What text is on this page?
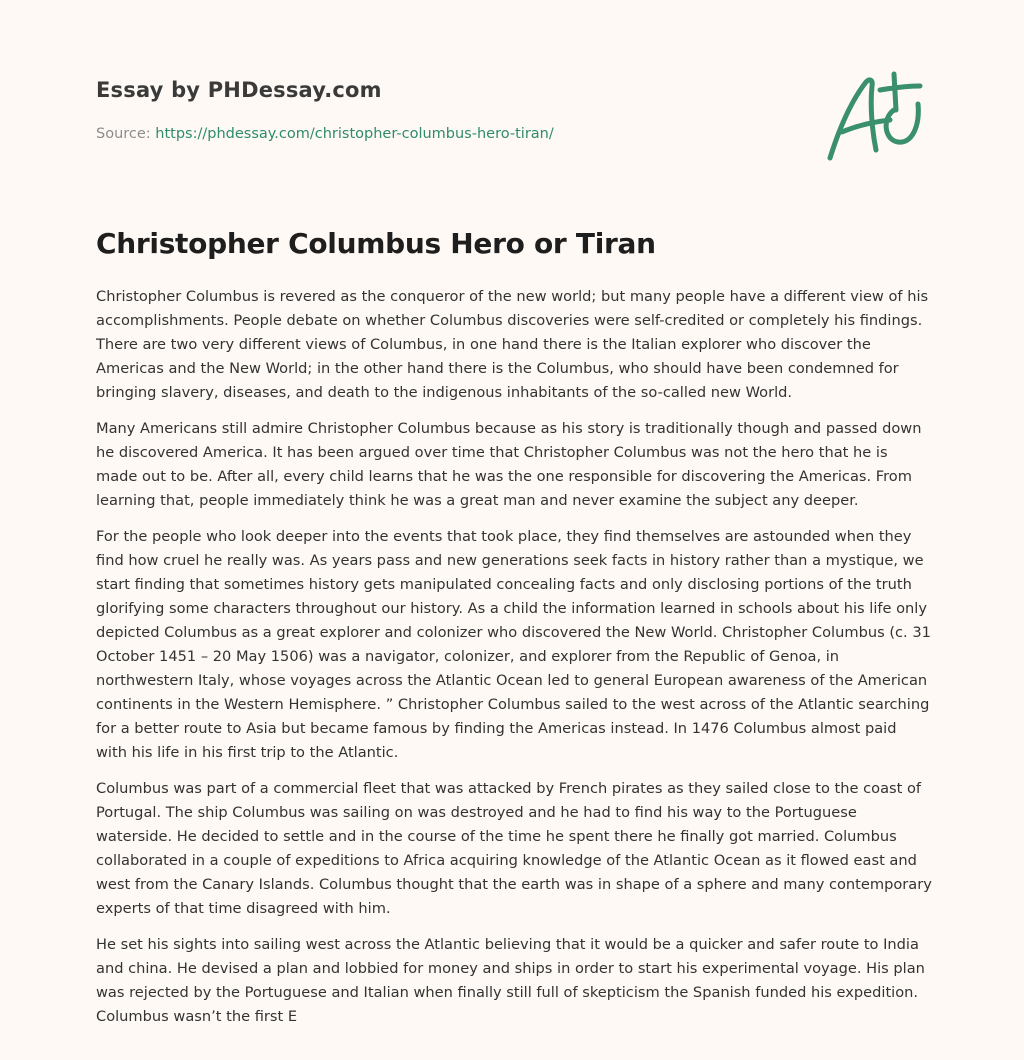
Essay by PHDessay.com
Source: https://phdessay.com/christopher-columbus-hero-tiran/
Christopher Columbus Hero or Tiran

Christopher Columbus is revered as the conqueror of the new world; but many people have a different view of his accomplishments. People debate on whether Columbus discoveries were self-credited or completely his findings. There are two very different views of Columbus, in one hand there is the Italian explorer who discover the Americas and the New World; in the other hand there is the Columbus, who should have been condemned for bringing slavery, diseases, and death to the indigenous inhabitants of the so-called new World.

Many Americans still admire Christopher Columbus because as his story is traditionally though and passed down he discovered America. It has been argued over time that Christopher Columbus was not the hero that he is made out to be. After all, every child learns that he was the one responsible for discovering the Americas. From learning that, people immediately think he was a great man and never examine the subject any deeper.

For the people who look deeper into the events that took place, they find themselves are astounded when they find how cruel he really was. As years pass and new generations seek facts in history rather than a mystique, we start finding that sometimes history gets manipulated concealing facts and only disclosing portions of the truth glorifying some characters throughout our history. As a child the information learned in schools about his life only depicted Columbus as a great explorer and colonizer who discovered the New World. Christopher Columbus (c. 31 October 1451 – 20 May 1506) was a navigator, colonizer, and explorer from the Republic of Genoa, in northwestern Italy, whose voyages across the Atlantic Ocean led to general European awareness of the American continents in the Western Hemisphere. ” Christopher Columbus sailed to the west across of the Atlantic searching for a better route to Asia but became famous by finding the Americas instead. In 1476 Columbus almost paid with his life in his first trip to the Atlantic.

Columbus was part of a commercial fleet that was attacked by French pirates as they sailed close to the coast of Portugal. The ship Columbus was sailing on was destroyed and he had to find his way to the Portuguese waterside. He decided to settle and in the course of the time he spent there he finally got married. Columbus collaborated in a couple of expeditions to Africa acquiring knowledge of the Atlantic Ocean as it flowed east and west from the Canary Islands. Columbus thought that the earth was in shape of a sphere and many contemporary experts of that time disagreed with him.

He set his sights into sailing west across the Atlantic believing that it would be a quicker and safer route to India and china. He devised a plan and lobbied for money and ships in order to start his experimental voyage. His plan was rejected by the Portuguese and Italian when finally still full of skepticism the Spanish funded his expedition. Columbus wasn’t the first E
